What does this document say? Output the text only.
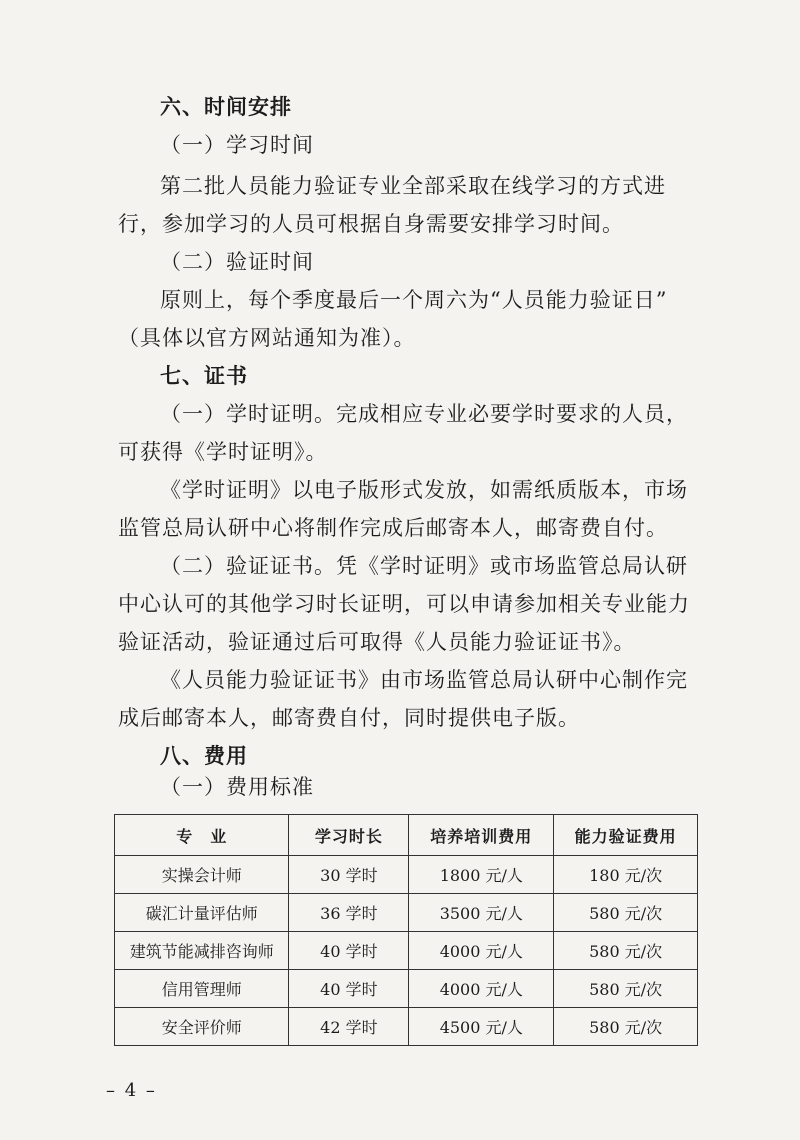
六、时间安排
（一）学习时间
第二批人员能力验证专业全部采取在线学习的方式进
行，参加学习的人员可根据自身需要安排学习时间。
（二）验证时间
原则上，每个季度最后一个周六为“人员能力验证日”
（具体以官方网站通知为准）。
七、证书
（一）学时证明。完成相应专业必要学时要求的人员，
可获得《学时证明》。
《学时证明》以电子版形式发放，如需纸质版本，市场
监管总局认研中心将制作完成后邮寄本人，邮寄费自付。
（二）验证证书。凭《学时证明》或市场监管总局认研
中心认可的其他学习时长证明，可以申请参加相关专业能力
验证活动，验证通过后可取得《人员能力验证证书》。
《人员能力验证证书》由市场监管总局认研中心制作完
成后邮寄本人，邮寄费自付，同时提供电子版。
八、费用
（一）费用标准
专　业	学习时长	培养培训费用	能力验证费用
实操会计师	30 学时	1800 元/人	180 元/次
碳汇计量评估师	36 学时	3500 元/人	580 元/次
建筑节能减排咨询师	40 学时	4000 元/人	580 元/次
信用管理师	40 学时	4000 元/人	580 元/次
安全评价师	42 学时	4500 元/人	580 元/次
– 4 –
